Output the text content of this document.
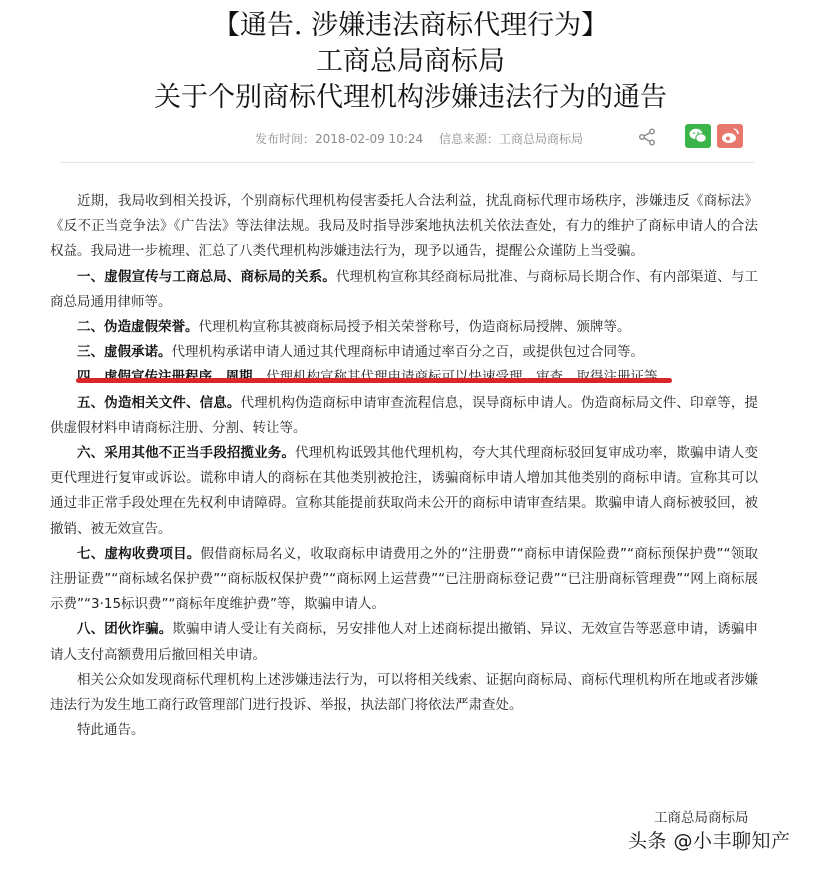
【通告. 涉嫌违法商标代理行为】
工商总局商标局
关于个别商标代理机构涉嫌违法行为的通告
发布时间：2018-02-09 10:24 信息来源：工商总局商标局

近期，我局收到相关投诉，个别商标代理机构侵害委托人合法利益，扰乱商标代理市场秩序，涉嫌违反《商标法》《反不正当竞争法》《广告法》等法律法规。我局及时指导涉案地执法机关依法查处，有力的维护了商标申请人的合法权益。我局进一步梳理、汇总了八类代理机构涉嫌违法行为，现予以通告，提醒公众谨防上当受骗。

一、虚假宣传与工商总局、商标局的关系。代理机构宣称其经商标局批准、与商标局长期合作、有内部渠道、与工商总局通用律师等。

二、伪造虚假荣誉。代理机构宣称其被商标局授予相关荣誉称号，伪造商标局授牌、颁牌等。

三、虚假承诺。代理机构承诺申请人通过其代理商标申请通过率百分之百，或提供包过合同等。

五、伪造相关文件、信息。代理机构伪造商标申请审查流程信息，误导商标申请人。伪造商标局文件、印章等，提供虚假材料申请商标注册、分割、转让等。

六、采用其他不正当手段招揽业务。代理机构诋毁其他代理机构，夸大其代理商标驳回复审成功率，欺骗申请人变更代理进行复审或诉讼。谎称申请人的商标在其他类别被抢注，诱骗商标申请人增加其他类别的商标申请。宣称其可以通过非正常手段处理在先权利申请障碍。宣称其能提前获取尚未公开的商标申请审查结果。欺骗申请人商标被驳回，被撤销、被无效宣告。

七、虚构收费项目。假借商标局名义，收取商标申请费用之外的“注册费”“商标申请保险费”“商标预保护费”“领取注册证费”“商标域名保护费”“商标版权保护费”“商标网上运营费”“已注册商标登记费”“已注册商标管理费”“网上商标展示费”“3·15标识费”“商标年度维护费”等，欺骗申请人。

八、团伙诈骗。欺骗申请人受让有关商标，另安排他人对上述商标提出撤销、异议、无效宣告等恶意申请，诱骗申请人支付高额费用后撤回相关申请。

相关公众如发现商标代理机构上述涉嫌违法行为，可以将相关线索、证据向商标局、商标代理机构所在地或者涉嫌违法行为发生地工商行政管理部门进行投诉、举报，执法部门将依法严肃查处。

特此通告。

工商总局商标局
头条 @小丰聊知产
